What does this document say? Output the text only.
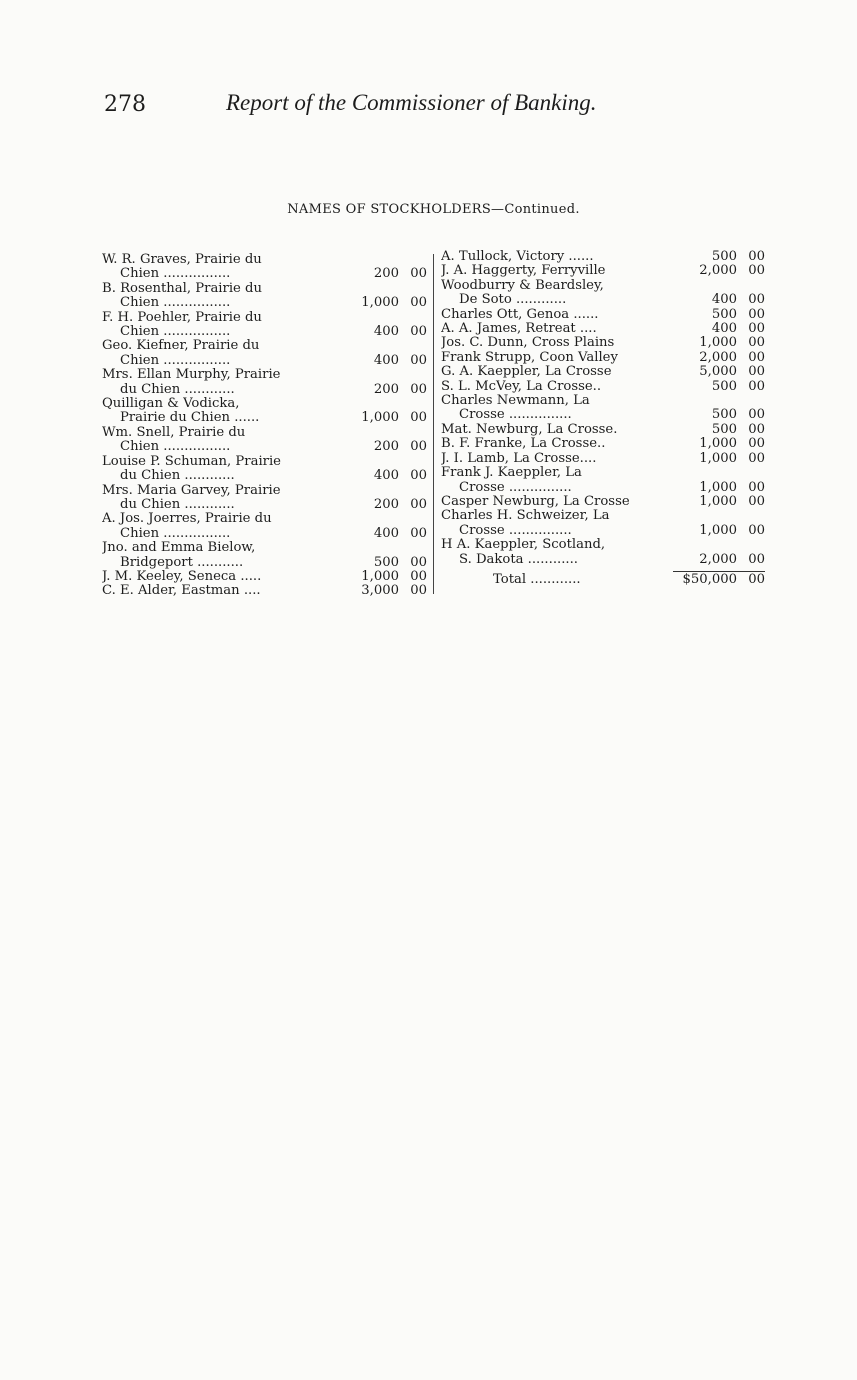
278	Report of the Commissioner of Banking.
NAMES OF STOCKHOLDERS—Continued.
W. R. Graves, Prairie du
Chien ................	200 00
B. Rosenthal, Prairie du
Chien ................	1,000 00
F. H. Poehler, Prairie du
Chien ................	400 00
Geo. Kiefner, Prairie du
Chien ................	400 00
Mrs. Ellan Murphy, Prairie
du Chien ............	200 00
Quilligan & Vodicka,
Prairie du Chien ......	1,000 00
Wm. Snell, Prairie du
Chien ................	200 00
Louise P. Schuman, Prairie
du Chien ............	400 00
Mrs. Maria Garvey, Prairie
du Chien ............	200 00
A. Jos. Joerres, Prairie du
Chien ................	400 00
Jno. and Emma Bielow,
Bridgeport ...........	500 00
J. M. Keeley, Seneca .....	1,000 00
C. E. Alder, Eastman ....	3,000 00
A. Tullock, Victory ......	500 00
J. A. Haggerty, Ferryville	2,000 00
Woodburry & Beardsley,
De Soto ............	400 00
Charles Ott, Genoa ......	500 00
A. A. James, Retreat ....	400 00
Jos. C. Dunn, Cross Plains	1,000 00
Frank Strupp, Coon Valley	2,000 00
G. A. Kaeppler, La Crosse	5,000 00
S. L. McVey, La Crosse..	500 00
Charles Newmann, La
Crosse ...............	500 00
Mat. Newburg, La Crosse.	500 00
B. F. Franke, La Crosse..	1,000 00
J. I. Lamb, La Crosse....	1,000 00
Frank J. Kaeppler, La
Crosse ...............	1,000 00
Casper Newburg, La Crosse	1,000 00
Charles H. Schweizer, La
Crosse ...............	1,000 00
H A. Kaeppler, Scotland,
S. Dakota ............	2,000 00
Total ............	$50,000 00
